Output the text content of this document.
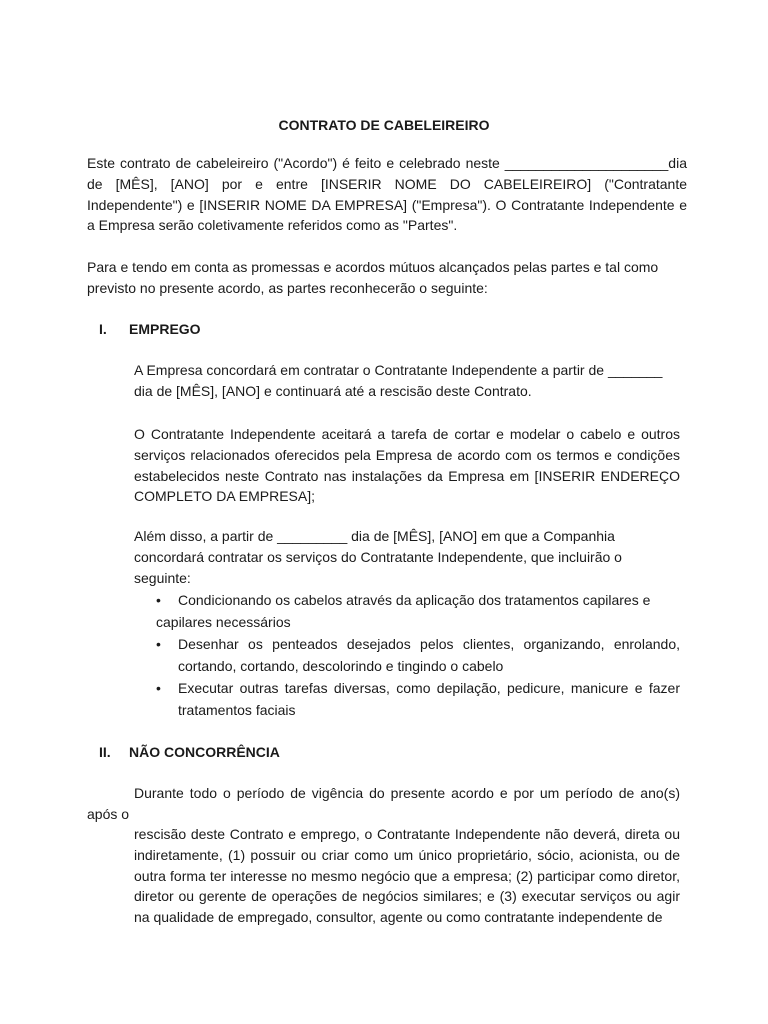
CONTRATO DE CABELEIREIRO

Este contrato de cabeleireiro ("Acordo") é feito e celebrado neste _____________________dia de [MÊS], [ANO] por e entre [INSERIR NOME DO CABELEIREIRO] ("Contratante Independente") e [INSERIR NOME DA EMPRESA] ("Empresa"). O Contratante Independente e a Empresa serão coletivamente referidos como as "Partes".

Para e tendo em conta as promessas e acordos mútuos alcançados pelas partes e tal como previsto no presente acordo, as partes reconhecerão o seguinte:

I. EMPREGO

A Empresa concordará em contratar o Contratante Independente a partir de _______ dia de [MÊS], [ANO] e continuará até a rescisão deste Contrato.

O Contratante Independente aceitará a tarefa de cortar e modelar o cabelo e outros serviços relacionados oferecidos pela Empresa de acordo com os termos e condições estabelecidos neste Contrato nas instalações da Empresa em [INSERIR ENDEREÇO COMPLETO DA EMPRESA];

Além disso, a partir de _________ dia de [MÊS], [ANO] em que a Companhia concordará contratar os serviços do Contratante Independente, que incluirão o seguinte:

•	Condicionando os cabelos através da aplicação dos tratamentos capilares e capilares necessários
•	Desenhar os penteados desejados pelos clientes, organizando, enrolando, cortando, cortando, descolorindo e tingindo o cabelo
•	Executar outras tarefas diversas, como depilação, pedicure, manicure e fazer tratamentos faciais
II. NÃO CONCORRÊNCIA
Durante todo o período de vigência do presente acordo e por um período de ano(s)
após o

rescisão deste Contrato e emprego, o Contratante Independente não deverá, direta ou indiretamente, (1) possuir ou criar como um único proprietário, sócio, acionista, ou de outra forma ter interesse no mesmo negócio que a empresa; (2) participar como diretor, diretor ou gerente de operações de negócios similares; e (3) executar serviços ou agir na qualidade de empregado, consultor, agente ou como contratante independente de
